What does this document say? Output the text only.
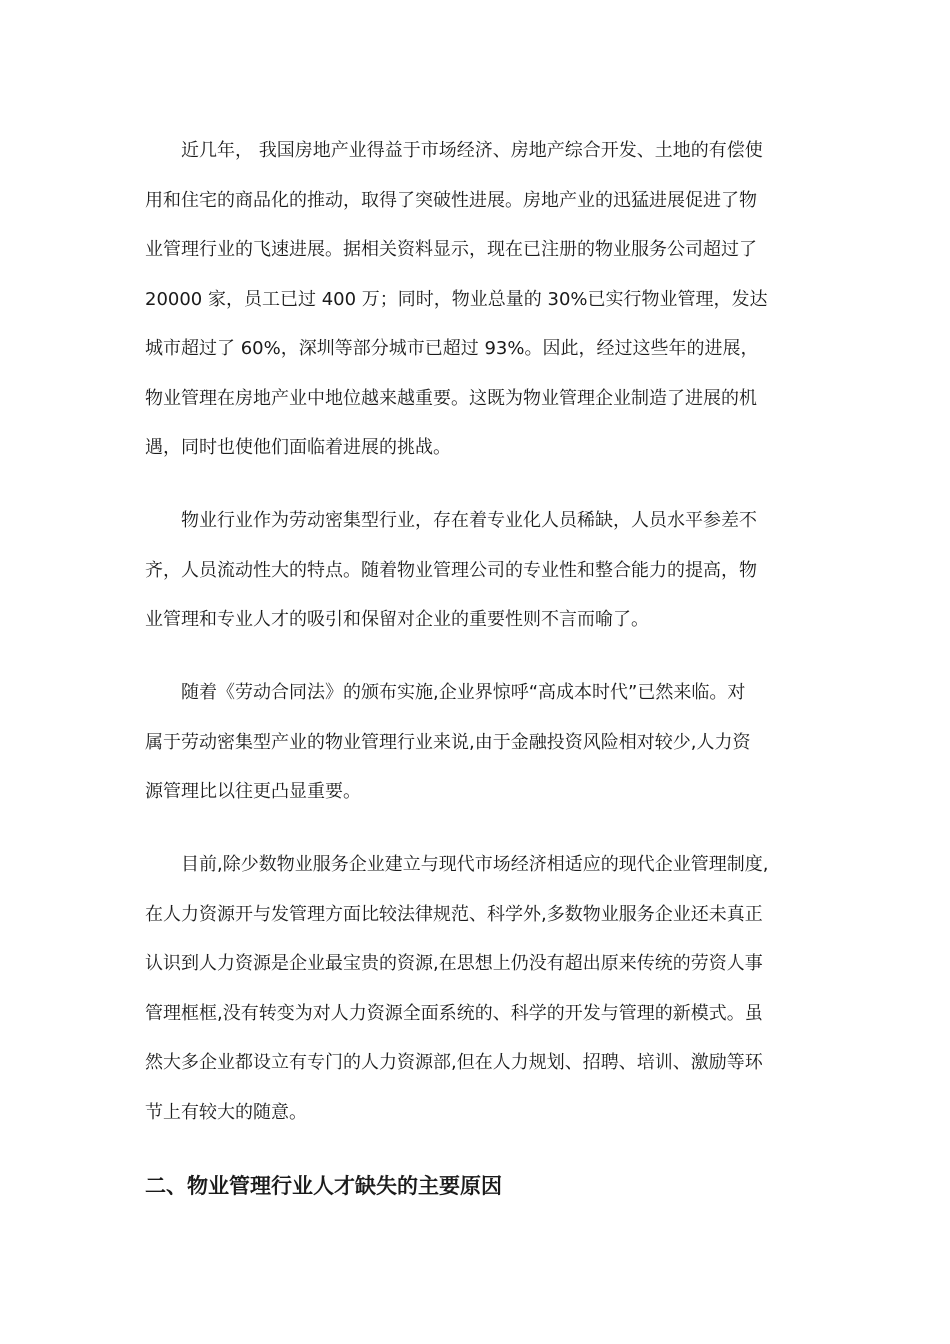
　　近几年， 我国房地产业得益于市场经济、房地产综合开发、土地的有偿使
用和住宅的商品化的推动，取得了突破性进展。房地产业的迅猛进展促进了物
业管理行业的飞速进展。据相关资料显示，现在已注册的物业服务公司超过了
20000 家，员工已过 400 万；同时，物业总量的 30%已实行物业管理，发达
城市超过了 60%，深圳等部分城市已超过 93%。因此，经过这些年的进展，
物业管理在房地产业中地位越来越重要。这既为物业管理企业制造了进展的机
遇，同时也使他们面临着进展的挑战。
　　物业行业作为劳动密集型行业，存在着专业化人员稀缺，人员水平参差不
齐，人员流动性大的特点。随着物业管理公司的专业性和整合能力的提高，物
业管理和专业人才的吸引和保留对企业的重要性则不言而喻了。
　　随着《劳动合同法》的颁布实施,企业界惊呼“高成本时代”已然来临。对
属于劳动密集型产业的物业管理行业来说,由于金融投资风险相对较少,人力资
源管理比以往更凸显重要。
　　目前,除少数物业服务企业建立与现代市场经济相适应的现代企业管理制度,
在人力资源开与发管理方面比较法律规范、科学外,多数物业服务企业还未真正
认识到人力资源是企业最宝贵的资源,在思想上仍没有超出原来传统的劳资人事
管理框框,没有转变为对人力资源全面系统的、科学的开发与管理的新模式。虽
然大多企业都设立有专门的人力资源部,但在人力规划、招聘、培训、激励等环
节上有较大的随意。
二、物业管理行业人才缺失的主要原因
